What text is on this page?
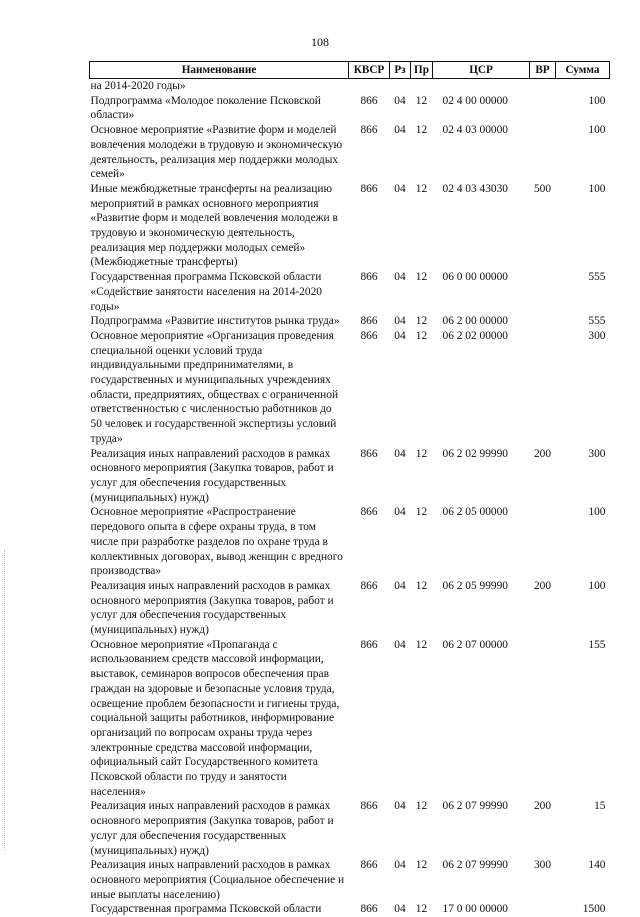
108
Наименование	КВСР	Рз	Пр	ЦСР	ВР	Сумма
на 2014-2020 годы»						
Подпрограмма «Молодое поколение Псковской области»	866	04	12	02 4 00 00000		100
Основное мероприятие «Развитие форм и моделей вовлечения молодежи в трудовую и экономическую деятельность, реализация мер поддержки молодых семей»	866	04	12	02 4 03 00000		100
Иные межбюджетные трансферты на реализацию мероприятий в рамках основного мероприятия «Развитие форм и моделей вовлечения молодежи в трудовую и экономическую деятельность, реализация мер поддержки молодых семей» (Межбюджетные трансферты)	866	04	12	02 4 03 43030	500	100
Государственная программа Псковской области «Содействие занятости населения на 2014-2020 годы»	866	04	12	06 0 00 00000		555
Подпрограмма «Развитие институтов рынка труда»	866	04	12	06 2 00 00000		555
Основное мероприятие «Организация проведения специальной оценки условий труда индивидуальными предпринимателями, в государственных и муниципальных учреждениях области, предприятиях, обществах с ограниченной ответственностью с численностью работников до 50 человек и государственной экспертизы условий труда»	866	04	12	06 2 02 00000		300
Реализация иных направлений расходов в рамках основного мероприятия (Закупка товаров, работ и услуг для обеспечения государственных (муниципальных) нужд)	866	04	12	06 2 02 99990	200	300
Основное мероприятие «Распространение передового опыта в сфере охраны труда, в том числе при разработке разделов по охране труда в коллективных договорах, вывод женщин с вредного производства»	866	04	12	06 2 05 00000		100
Реализация иных направлений расходов в рамках основного мероприятия (Закупка товаров, работ и услуг для обеспечения государственных (муниципальных) нужд)	866	04	12	06 2 05 99990	200	100
Основное мероприятие «Пропаганда с использованием средств массовой информации, выставок, семинаров вопросов обеспечения прав граждан на здоровые и безопасные условия труда, освещение проблем безопасности и гигиены труда, социальной защиты работников, информирование организаций по вопросам охраны труда через электронные средства массовой информации, официальный сайт Государственного комитета Псковской области по труду и занятости населения»	866	04	12	06 2 07 00000		155
Реализация иных направлений расходов в рамках основного мероприятия (Закупка товаров, работ и услуг для обеспечения государственных (муниципальных) нужд)	866	04	12	06 2 07 99990	200	15
Реализация иных направлений расходов в рамках основного мероприятия (Социальное обеспечение и иные выплаты населению)	866	04	12	06 2 07 99990	300	140
Государственная программа Псковской области	866	04	12	17 0 00 00000		1500
